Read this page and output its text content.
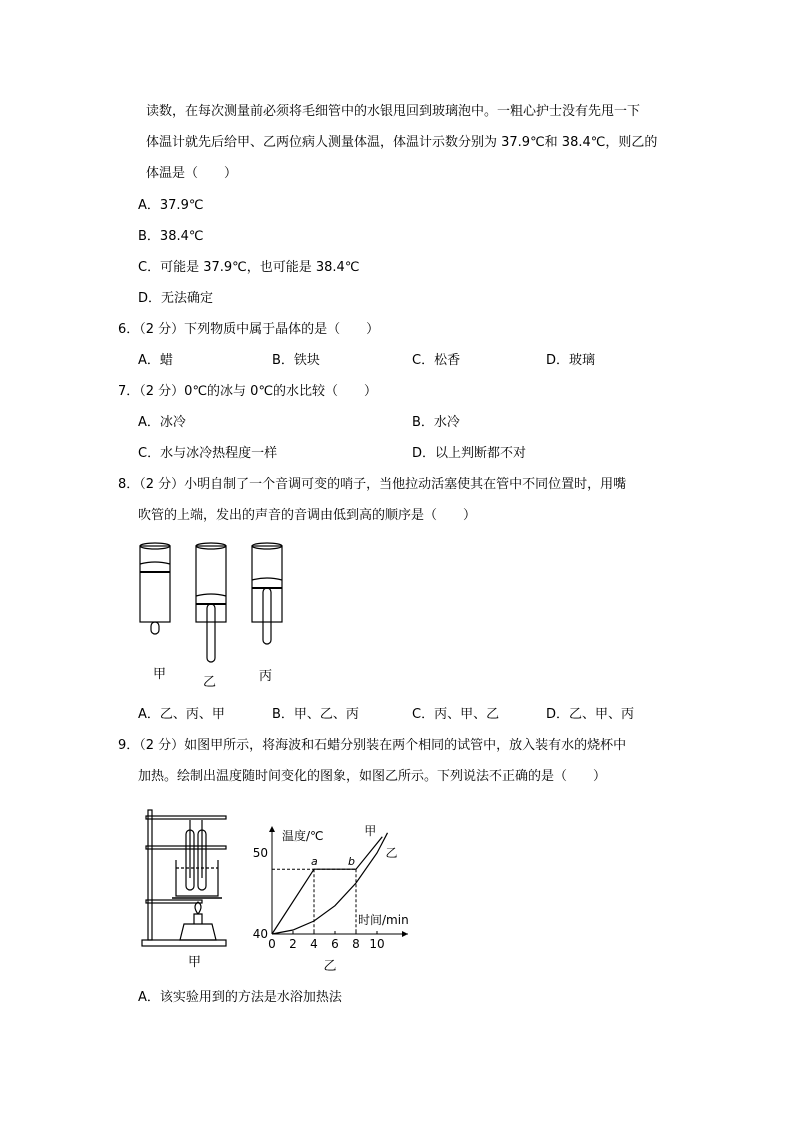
读数，在每次测量前必须将毛细管中的水银甩回到玻璃泡中。一粗心护士没有先甩一下
体温计就先后给甲、乙两位病人测量体温，体温计示数分别为 37.9℃和 38.4℃，则乙的
体温是（　　）
A．37.9℃
B．38.4℃
C．可能是 37.9℃，也可能是 38.4℃
D．无法确定
6．（2 分）下列物质中属于晶体的是（　　）
A．蜡	B．铁块	C．松香	D．玻璃
7．（2 分）0℃的冰与 0℃的水比较（　　）
A．冰冷	B．水冷
C．水与冰冷热程度一样	D．以上判断都不对
8．（2 分）小明自制了一个音调可变的哨子，当他拉动活塞使其在管中不同位置时，用嘴
吹管的上端，发出的声音的音调由低到高的顺序是（　　）
甲
乙	丙
A．乙、丙、甲	B．甲、乙、丙	C．丙、甲、乙	D．乙、甲、丙
9．（2 分）如图甲所示，将海波和石蜡分别装在两个相同的试管中，放入装有水的烧杯中
加热。绘制出温度随时间变化的图象，如图乙所示。下列说法不正确的是（　　）
甲
温度/℃
时间/min
0 2 4 6 8 10
40
50
a	b
甲
乙
乙
A．该实验用到的方法是水浴加热法
